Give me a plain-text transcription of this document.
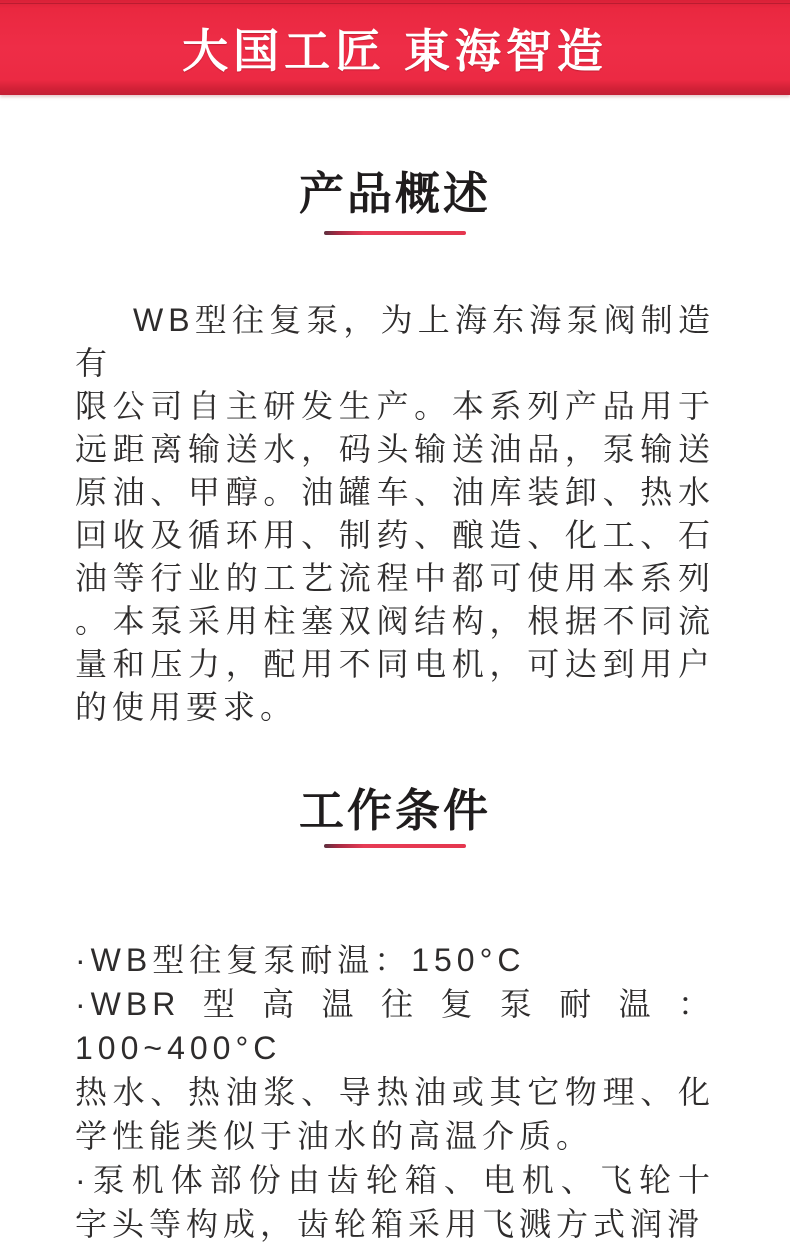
大国工匠 東海智造
产品概述
WB型往复泵，为上海东海泵阀制造有
限公司自主研发生产。本系列产品用于
远距离输送水，码头输送油品，泵输送
原油、甲醇。油罐车、油库装卸、热水
回收及循环用、制药、酿造、化工、石
油等行业的工艺流程中都可使用本系列
。本泵采用柱塞双阀结构，根据不同流
量和压力，配用不同电机，可达到用户
的使用要求。
工作条件
·WB型往复泵耐温：150°C
·WBR型高温往复泵耐温：100~400°C
热水、热油浆、导热油或其它物理、化
学性能类似于油水的高温介质。
·泵机体部份由齿轮箱、电机、飞轮十
字头等构成，齿轮箱采用飞溅方式润滑
